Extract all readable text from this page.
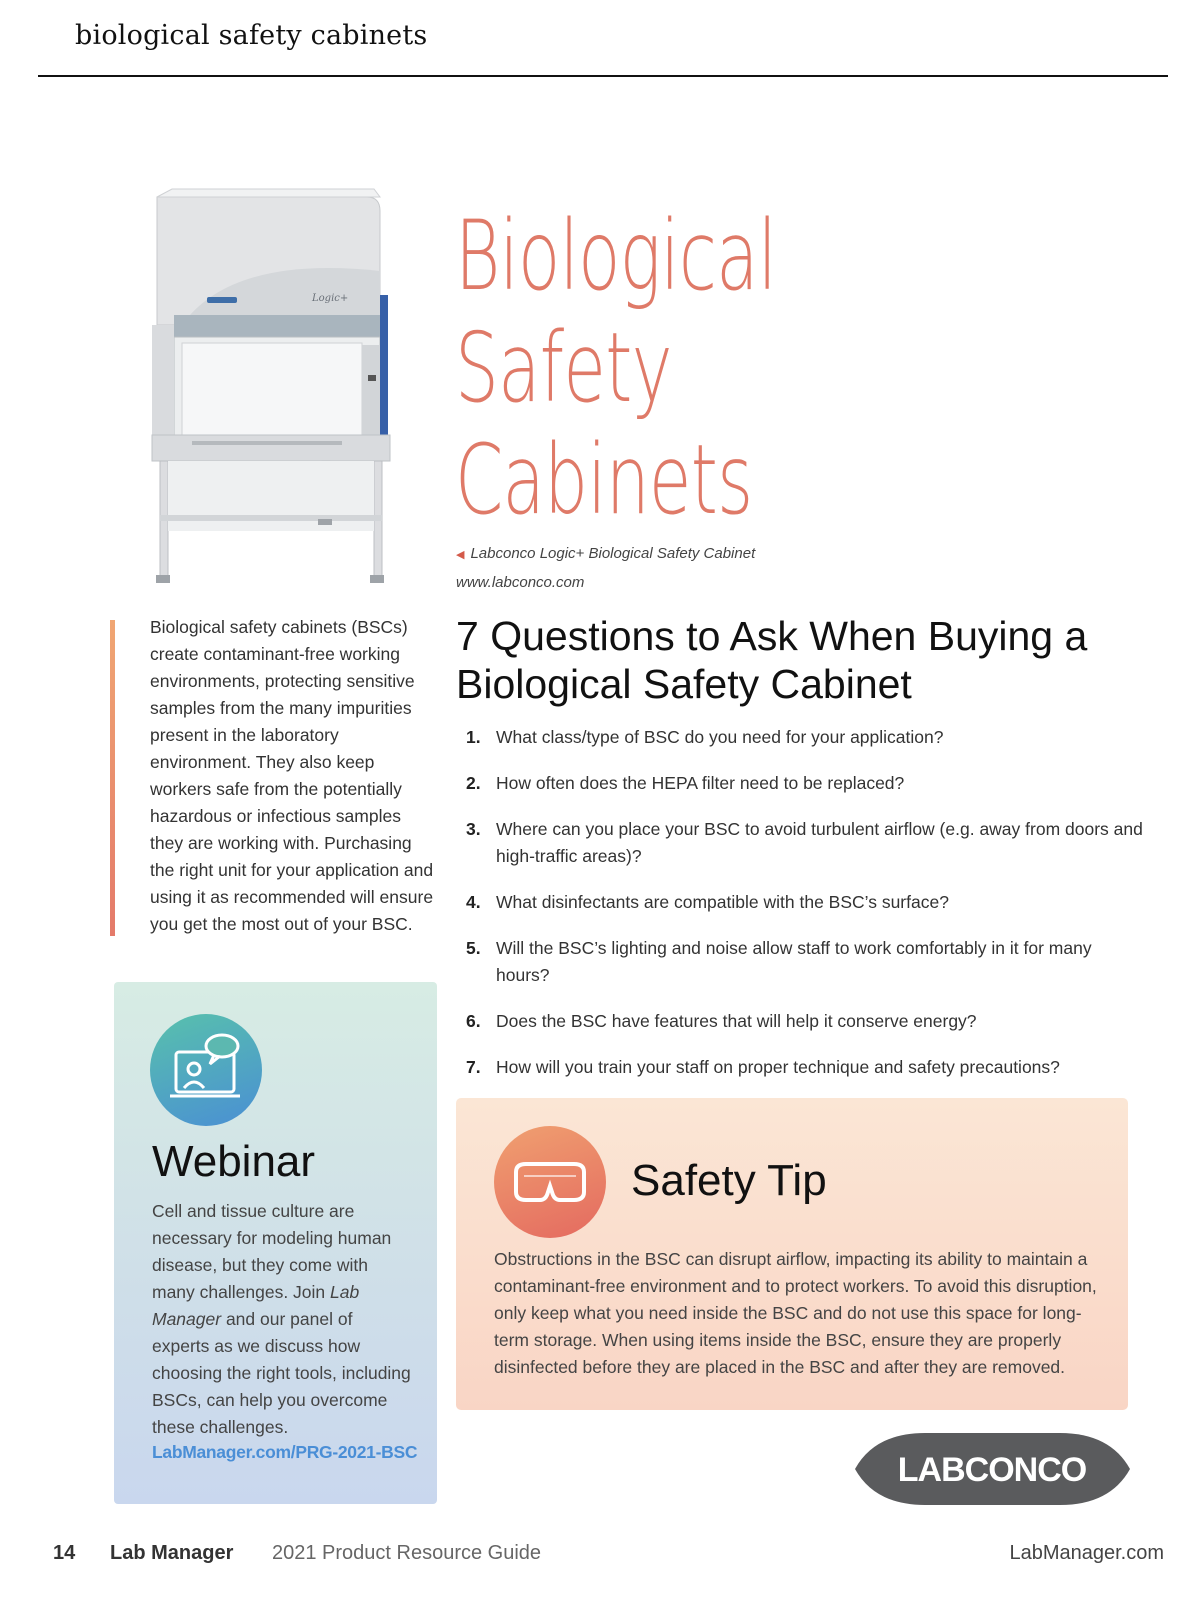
biological safety cabinets
Logic+ Biological Safety
Cabinets
◀ Labconco Logic+ Biological Safety Cabinet
www.labconco.com
Biological safety cabinets (BSCs) create contaminant-free working environments, protecting sensitive samples from the many impurities present in the laboratory environment. They also keep workers safe from the potentially hazardous or infectious samples they are working with. Purchasing the right unit for your application and using it as recommended will ensure you get the most out of your BSC.
7 Questions to Ask When Buying a Biological Safety Cabinet
1. What class/type of BSC do you need for your application?
2. How often does the HEPA filter need to be replaced?
3. Where can you place your BSC to avoid turbulent airflow (e.g. away from doors and high-traffic areas)?
4. What disinfectants are compatible with the BSC’s surface?
5. Will the BSC’s lighting and noise allow staff to work comfortably in it for many hours?
6. Does the BSC have features that will help it conserve energy?
7. How will you train your staff on proper technique and safety precautions?
Webinar
Cell and tissue culture are necessary for modeling human disease, but they come with many challenges. Join Lab Manager and our panel of experts as we discuss how choosing the right tools, including BSCs, can help you overcome these challenges.
LabManager.com/PRG-2021-BSC
Safety Tip
Obstructions in the BSC can disrupt airflow, impacting its ability to maintain a contaminant-free environment and to protect workers. To avoid this disruption, only keep what you need inside the BSC and do not use this space for long-term storage. When using items inside the BSC, ensure they are properly disinfected before they are placed in the BSC and after they are removed.
LABCONCO
14 Lab Manager 2021 Product Resource Guide	LabManager.com
